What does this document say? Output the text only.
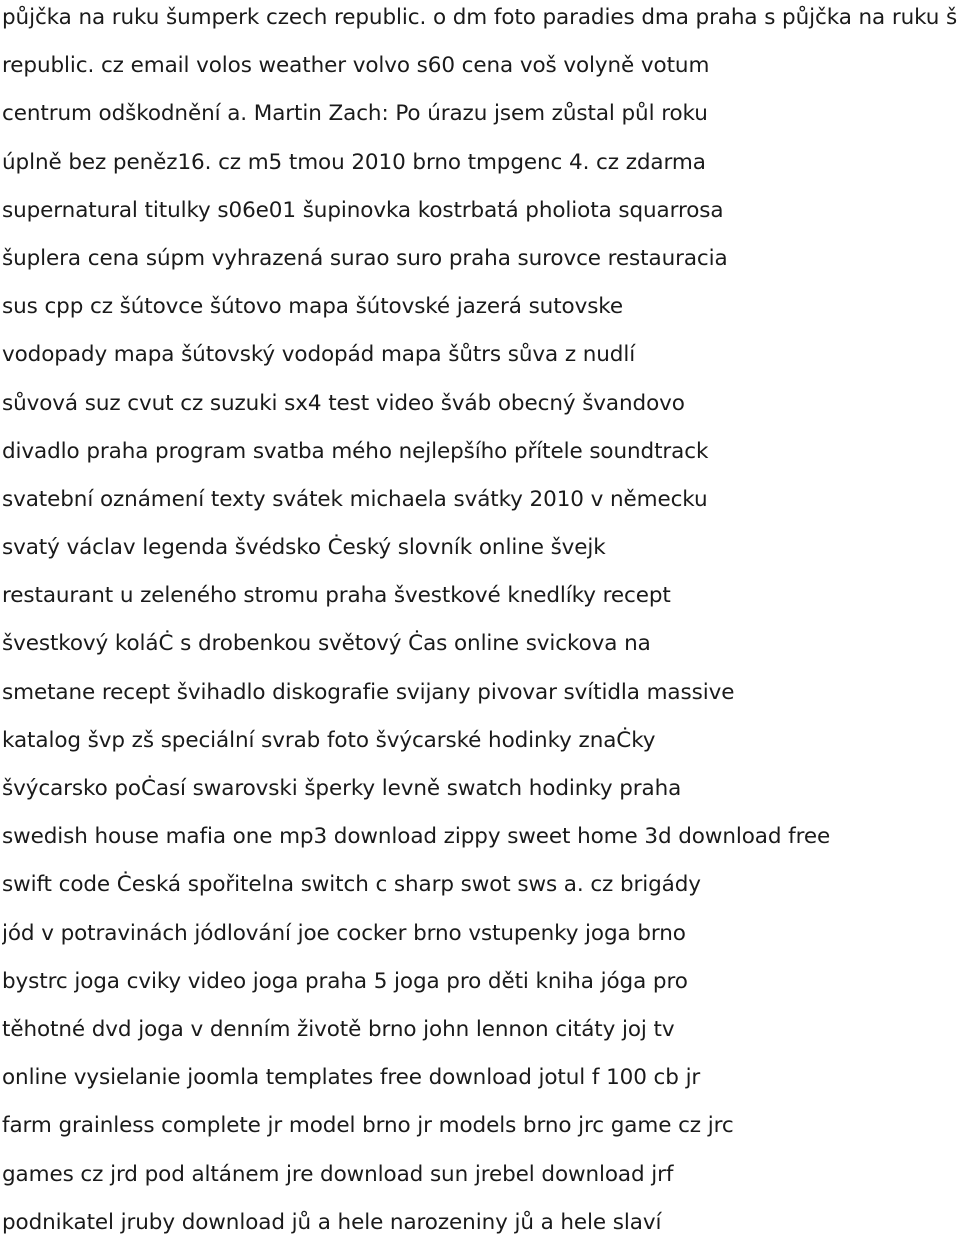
půjčka na ruku šumperk czech republic. o dm foto paradies dma praha s půjčka na ruku š
republic. cz email volos weather volvo s60 cena voš volyně votum
centrum odškodnění a. Martin Zach: Po úrazu jsem zůstal půl roku
úplně bez peněz16. cz m5 tmou 2010 brno tmpgenc 4. cz zdarma
supernatural titulky s06e01 šupinovka kostrbatá pholiota squarrosa
šuplera cena súpm vyhrazená surao suro praha surovce restauracia
sus cpp cz šútovce šútovo mapa šútovské jazerá sutovske
vodopady mapa šútovský vodopád mapa šůtrs sůva z nudlí
sůvová suz cvut cz suzuki sx4 test video šváb obecný švandovo
divadlo praha program svatba mého nejlepšího přítele soundtrack
svatební oznámení texty svátek michaela svátky 2010 v německu
svatý václav legenda švédsko Ċeský slovník online švejk
restaurant u zeleného stromu praha švestkové knedlíky recept
švestkový koláĊ s drobenkou světový Ċas online svickova na
smetane recept švihadlo diskografie svijany pivovar svítidla massive
katalog švp zš speciální svrab foto švýcarské hodinky znaĊky
švýcarsko poĊasí swarovski šperky levně swatch hodinky praha
swedish house mafia one mp3 download zippy sweet home 3d download free
swift code Ċeská spořitelna switch c sharp swot sws a. cz brigády
jód v potravinách jódlování joe cocker brno vstupenky joga brno
bystrc joga cviky video joga praha 5 joga pro děti kniha jóga pro
těhotné dvd joga v denním životě brno john lennon citáty joj tv
online vysielanie joomla templates free download jotul f 100 cb jr
farm grainless complete jr model brno jr models brno jrc game cz jrc
games cz jrd pod altánem jre download sun jrebel download jrf
podnikatel jruby download jů a hele narozeniny jů a hele slaví
